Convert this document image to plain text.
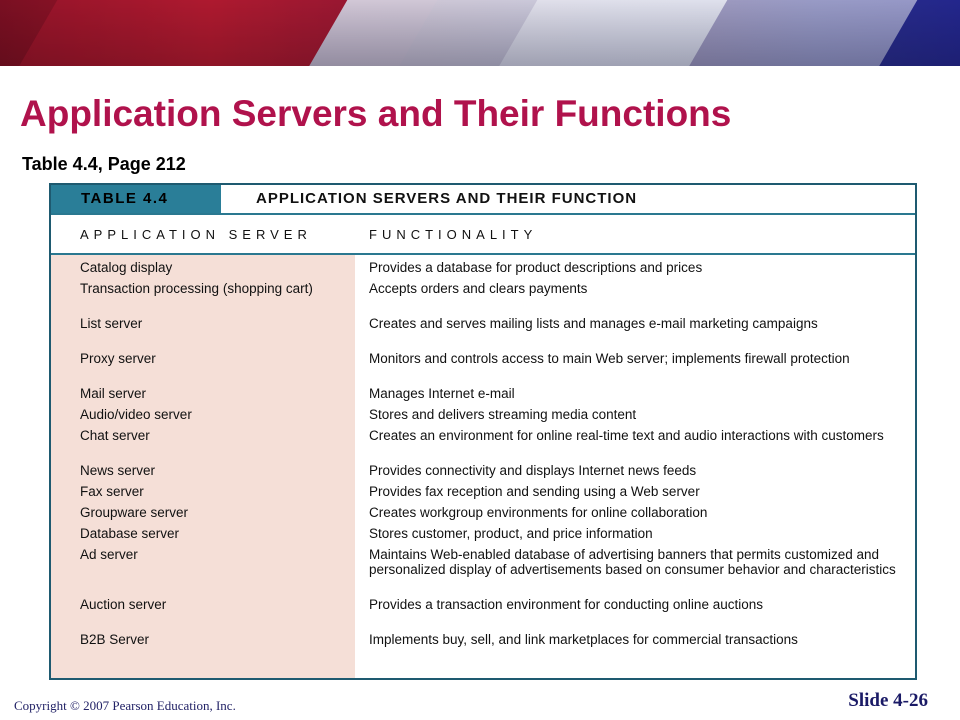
Application Servers and Their Functions
Table 4.4, Page 212
TABLE 4.4	APPLICATION SERVERS AND THEIR FUNCTION
APPLICATION SERVER	FUNCTIONALITY
Catalog display	Provides a database for product descriptions and prices
Transaction processing (shopping cart)	Accepts orders and clears payments
List server	Creates and serves mailing lists and manages e-mail marketing campaigns
Proxy server	Monitors and controls access to main Web server; implements firewall protection
Mail server	Manages Internet e-mail
Audio/video server	Stores and delivers streaming media content
Chat server	Creates an environment for online real-time text and audio interactions with customers
News server	Provides connectivity and displays Internet news feeds
Fax server	Provides fax reception and sending using a Web server
Groupware server	Creates workgroup environments for online collaboration
Database server	Stores customer, product, and price information
Ad server	Maintains Web-enabled database of advertising banners that permits customized and personalized display of advertisements based on consumer behavior and characteristics
Auction server	Provides a transaction environment for conducting online auctions
B2B Server	Implements buy, sell, and link marketplaces for commercial transactions
Copyright © 2007 Pearson Education, Inc.	Slide 4-26
